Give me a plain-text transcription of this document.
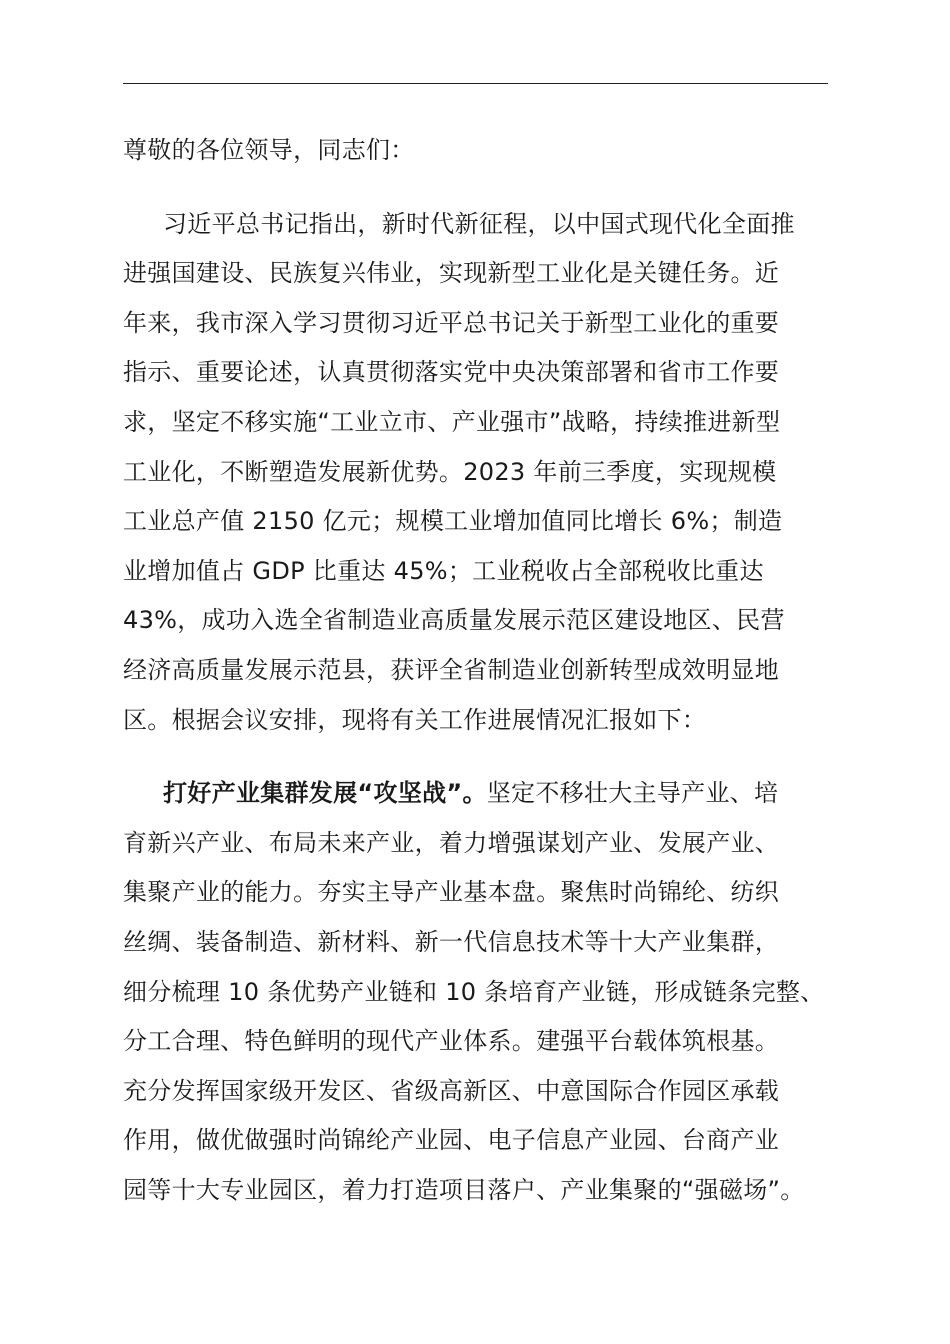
尊敬的各位领导，同志们：
习近平总书记指出，新时代新征程，以中国式现代化全面推
进强国建设、民族复兴伟业，实现新型工业化是关键任务。近
年来，我市深入学习贯彻习近平总书记关于新型工业化的重要
指示、重要论述，认真贯彻落实党中央决策部署和省市工作要
求，坚定不移实施“工业立市、产业强市”战略，持续推进新型
工业化，不断塑造发展新优势。2023 年前三季度，实现规模
工业总产值 2150 亿元；规模工业增加值同比增长 6%；制造
业增加值占 GDP 比重达 45%；工业税收占全部税收比重达
43%，成功入选全省制造业高质量发展示范区建设地区、民营
经济高质量发展示范县，获评全省制造业创新转型成效明显地
区。根据会议安排，现将有关工作进展情况汇报如下：
打好产业集群发展“攻坚战”。坚定不移壮大主导产业、培
育新兴产业、布局未来产业，着力增强谋划产业、发展产业、
集聚产业的能力。夯实主导产业基本盘。聚焦时尚锦纶、纺织
丝绸、装备制造、新材料、新一代信息技术等十大产业集群，
细分梳理 10 条优势产业链和 10 条培育产业链，形成链条完整、
分工合理、特色鲜明的现代产业体系。建强平台载体筑根基。
充分发挥国家级开发区、省级高新区、中意国际合作园区承载
作用，做优做强时尚锦纶产业园、电子信息产业园、台商产业
园等十大专业园区，着力打造项目落户、产业集聚的“强磁场”。
